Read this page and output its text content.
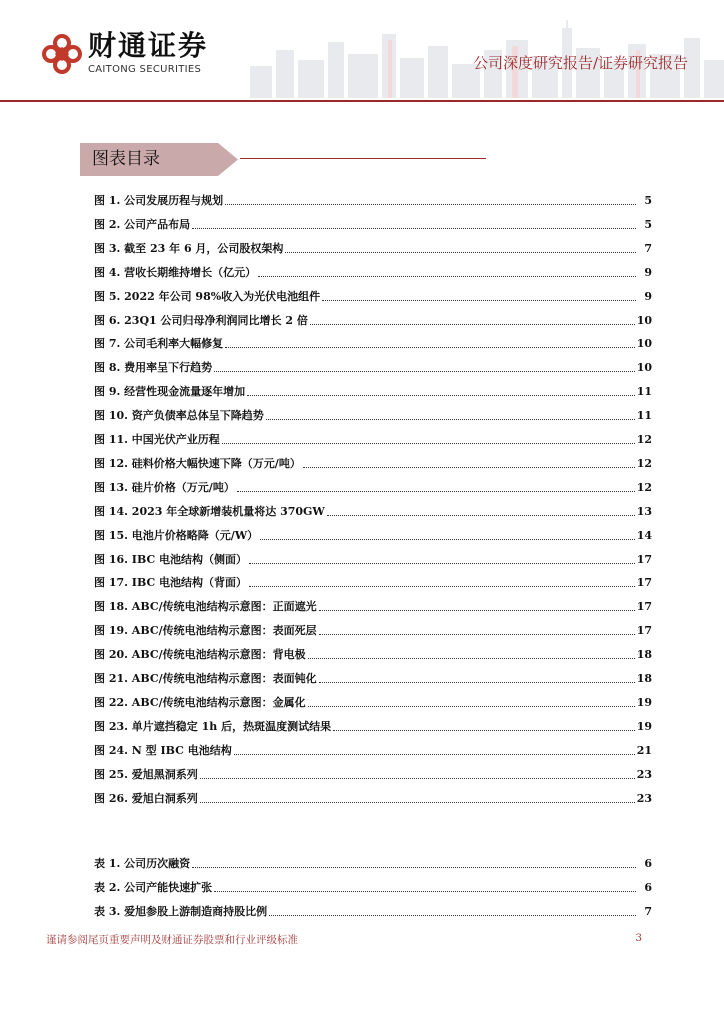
财通证券
CAITONG SECURITIES	公司深度研究报告/证券研究报告
图表目录
图 1. 公司发展历程与规划	5
图 2. 公司产品布局	5
图 3. 截至 23 年 6 月，公司股权架构	7
图 4. 营收长期维持增长（亿元）	9
图 5. 2022 年公司 98%收入为光伏电池组件	9
图 6. 23Q1 公司归母净利润同比增长 2 倍	10
图 7. 公司毛利率大幅修复	10
图 8. 费用率呈下行趋势	10
图 9. 经营性现金流量逐年增加	11
图 10. 资产负债率总体呈下降趋势	11
图 11. 中国光伏产业历程	12
图 12. 硅料价格大幅快速下降（万元/吨）	12
图 13. 硅片价格（万元/吨）	12
图 14. 2023 年全球新增装机量将达 370GW	13
图 15. 电池片价格略降（元/W）	14
图 16. IBC 电池结构（侧面）	17
图 17. IBC 电池结构（背面）	17
图 18. ABC/传统电池结构示意图：正面遮光	17
图 19. ABC/传统电池结构示意图：表面死层	17
图 20. ABC/传统电池结构示意图：背电极	18
图 21. ABC/传统电池结构示意图：表面钝化	18
图 22. ABC/传统电池结构示意图：金属化	19
图 23. 单片遮挡稳定 1h 后，热斑温度测试结果	19
图 24. N 型 IBC 电池结构	21
图 25. 爱旭黑洞系列	23
图 26. 爱旭白洞系列	23
表 1. 公司历次融资	6
表 2. 公司产能快速扩张	6
表 3. 爱旭参股上游制造商持股比例	7
谨请参阅尾页重要声明及财通证券股票和行业评级标准	3
